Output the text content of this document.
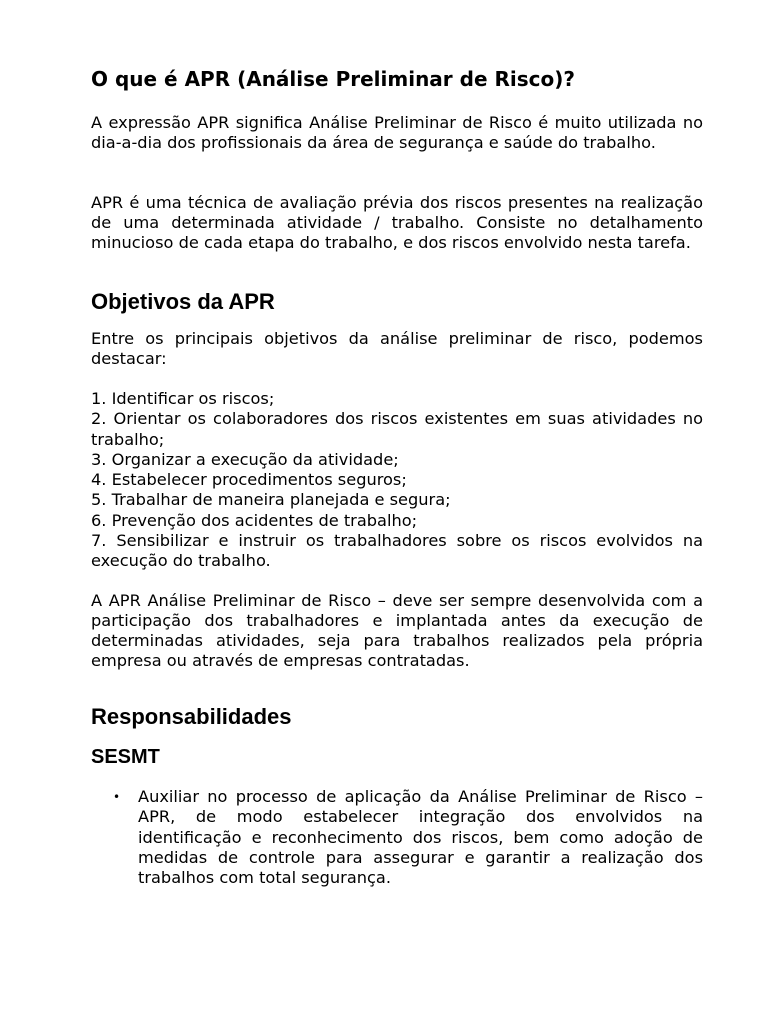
O que é APR (Análise Preliminar de Risco)?

A expressão APR significa Análise Preliminar de Risco é muito utilizada no dia-a-dia dos profissionais da área de segurança e saúde do trabalho.

APR é uma técnica de avaliação prévia dos riscos presentes na realização de uma determinada atividade / trabalho. Consiste no detalhamento minucioso de cada etapa do trabalho, e dos riscos envolvido nesta tarefa.

Objetivos da APR

Entre os principais objetivos da análise preliminar de risco, podemos destacar:

1. Identificar os riscos;
2. Orientar os colaboradores dos riscos existentes em suas atividades no trabalho;
3. Organizar a execução da atividade;
4. Estabelecer procedimentos seguros;
5. Trabalhar de maneira planejada e segura;
6. Prevenção dos acidentes de trabalho;
7. Sensibilizar e instruir os trabalhadores sobre os riscos evolvidos na execução do trabalho.

A APR Análise Preliminar de Risco – deve ser sempre desenvolvida com a participação dos trabalhadores e implantada antes da execução de determinadas atividades, seja para trabalhos realizados pela própria empresa ou através de empresas contratadas.

Responsabilidades
SESMT
• Auxiliar no processo de aplicação da Análise Preliminar de Risco – APR, de modo estabelecer integração dos envolvidos na identificação e reconhecimento dos riscos, bem como adoção de medidas de controle para assegurar e garantir a realização dos trabalhos com total segurança.
